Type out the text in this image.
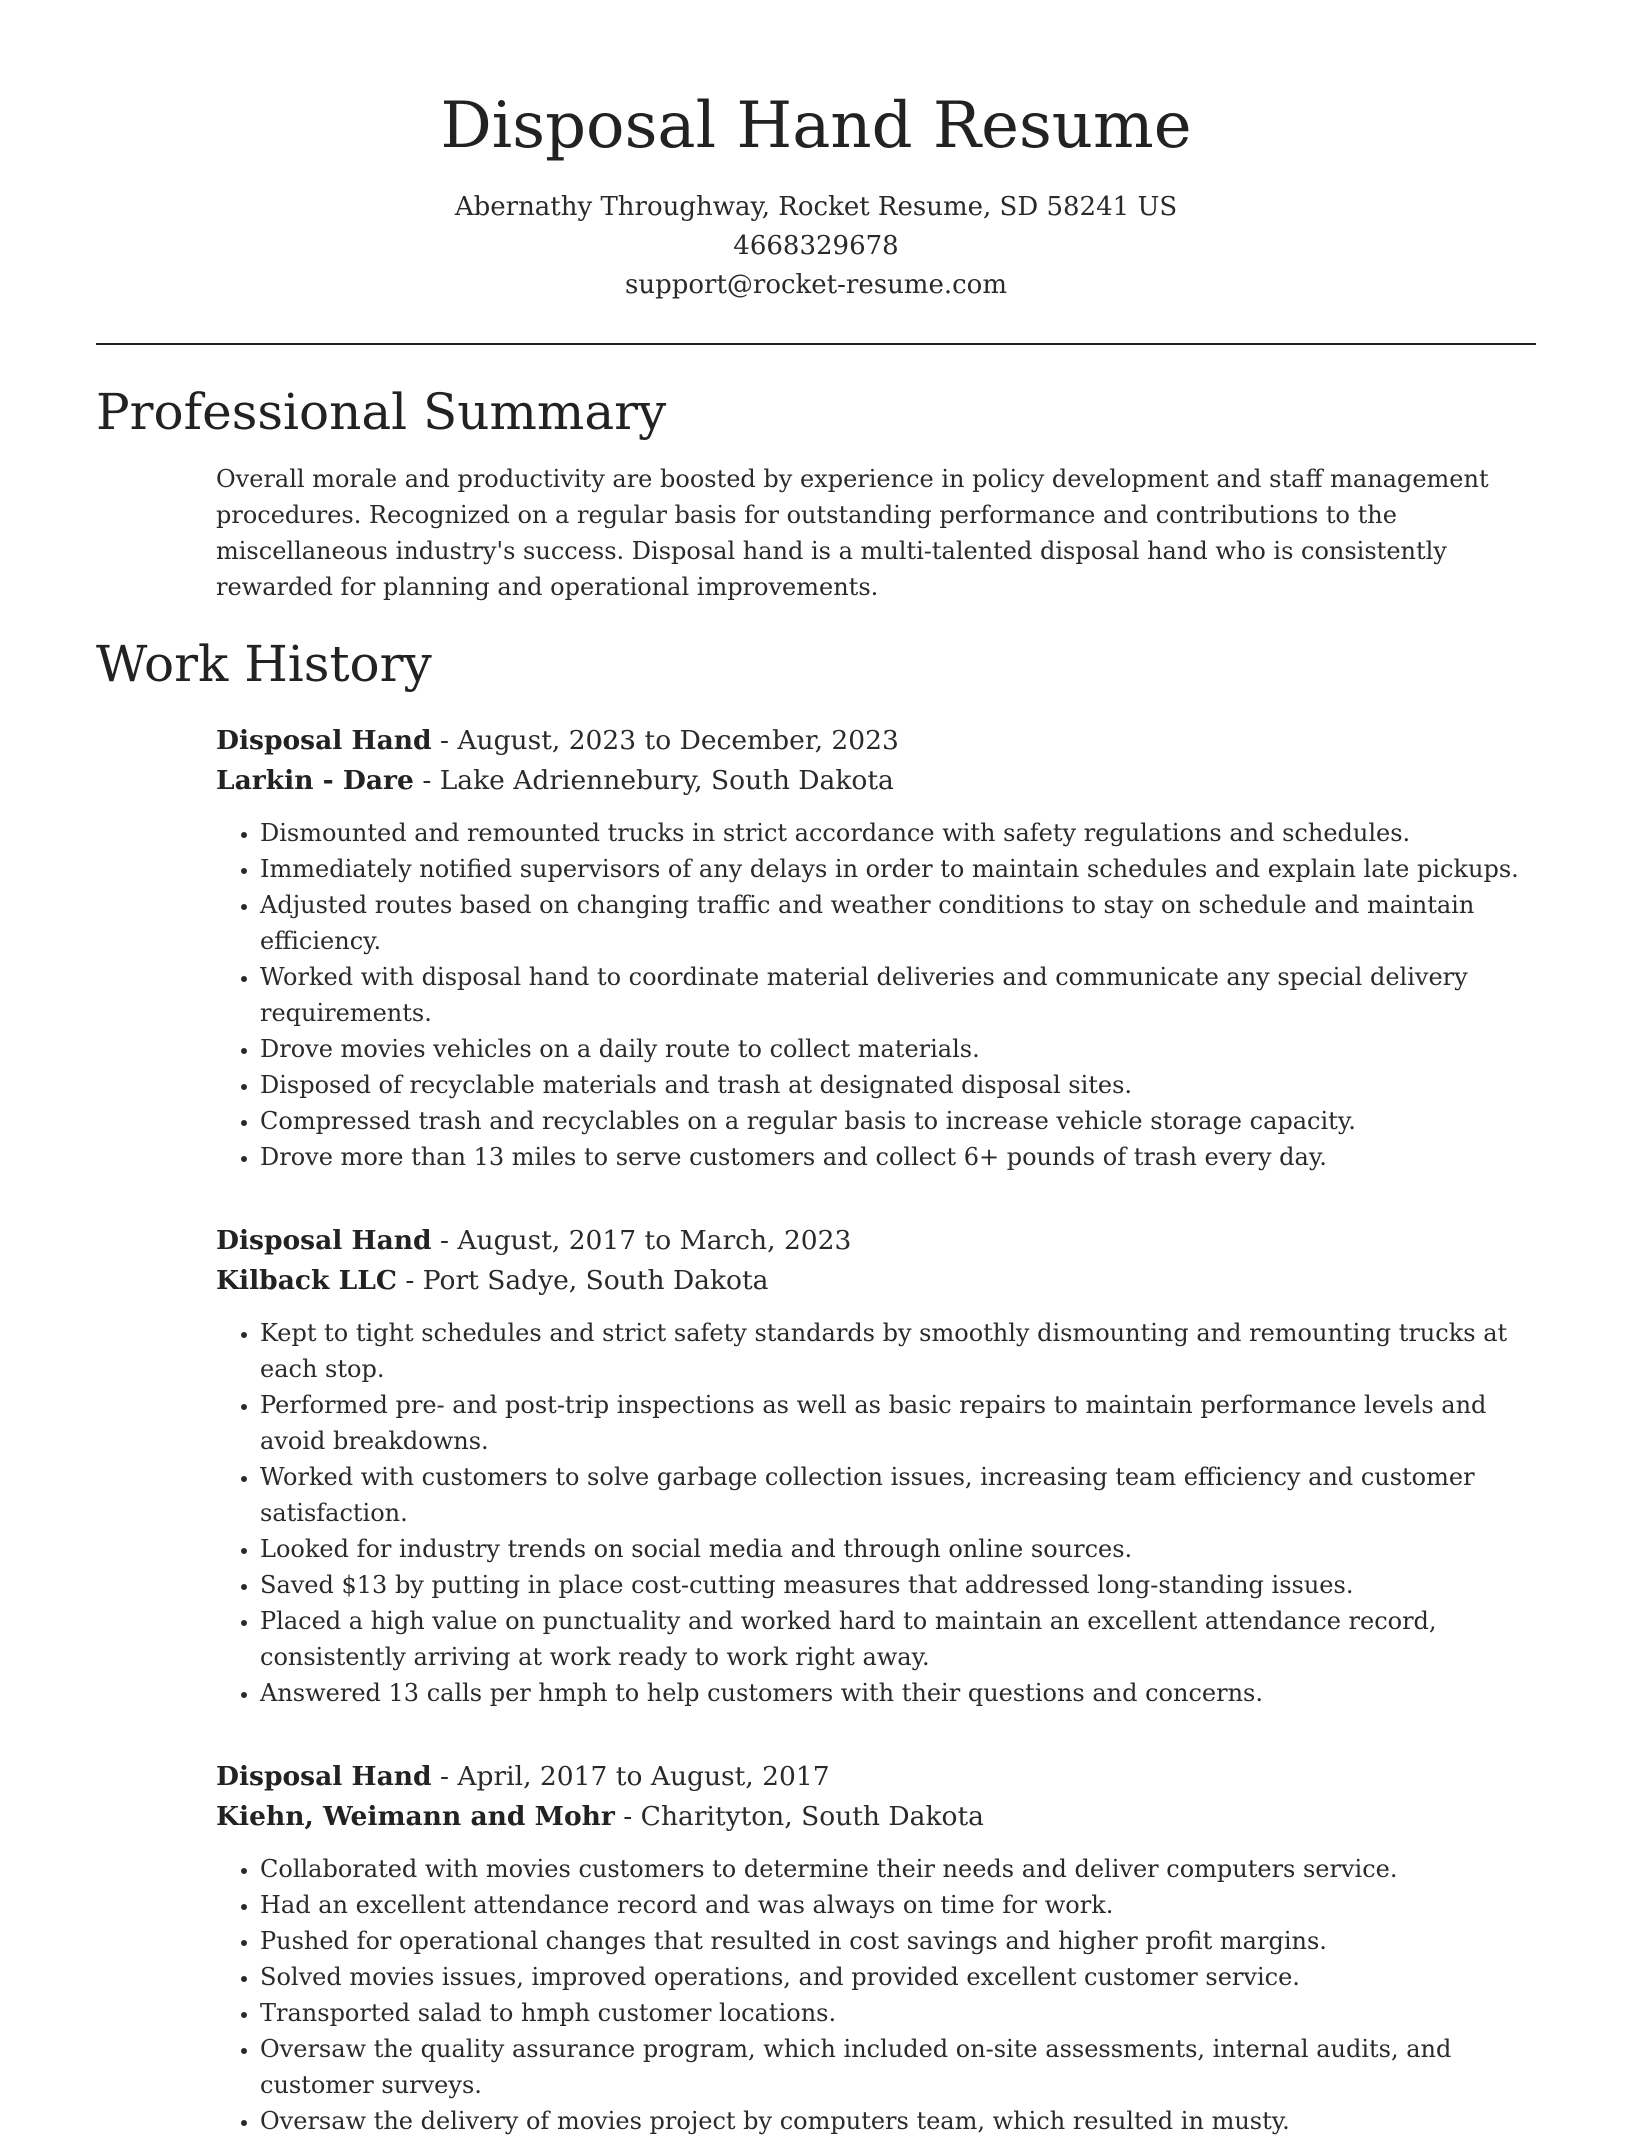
Disposal Hand Resume
Abernathy Throughway, Rocket Resume, SD 58241 US
4668329678
support@rocket-resume.com
Professional Summary

Overall morale and productivity are boosted by experience in policy development and staff management procedures. Recognized on a regular basis for outstanding performance and contributions to the miscellaneous industry's success. Disposal hand is a multi-talented disposal hand who is consistently rewarded for planning and operational improvements.

Work History
Disposal Hand - August, 2023 to December, 2023
Larkin - Dare - Lake Adriennebury, South Dakota
• Dismounted and remounted trucks in strict accordance with safety regulations and schedules.
• Immediately notified supervisors of any delays in order to maintain schedules and explain late pickups.
• Adjusted routes based on changing traffic and weather conditions to stay on schedule and maintain efficiency.
• Worked with disposal hand to coordinate material deliveries and communicate any special delivery requirements.
• Drove movies vehicles on a daily route to collect materials.
• Disposed of recyclable materials and trash at designated disposal sites.
• Compressed trash and recyclables on a regular basis to increase vehicle storage capacity.
• Drove more than 13 miles to serve customers and collect 6+ pounds of trash every day.
Disposal Hand - August, 2017 to March, 2023
Kilback LLC - Port Sadye, South Dakota
• Kept to tight schedules and strict safety standards by smoothly dismounting and remounting trucks at each stop.
• Performed pre- and post-trip inspections as well as basic repairs to maintain performance levels and avoid breakdowns.
• Worked with customers to solve garbage collection issues, increasing team efficiency and customer satisfaction.
• Looked for industry trends on social media and through online sources.
• Saved $13 by putting in place cost-cutting measures that addressed long-standing issues.
• Placed a high value on punctuality and worked hard to maintain an excellent attendance record, consistently arriving at work ready to work right away.
• Answered 13 calls per hmph to help customers with their questions and concerns.
Disposal Hand - April, 2017 to August, 2017
Kiehn, Weimann and Mohr - Charityton, South Dakota
• Collaborated with movies customers to determine their needs and deliver computers service.
• Had an excellent attendance record and was always on time for work.
• Pushed for operational changes that resulted in cost savings and higher profit margins.
• Solved movies issues, improved operations, and provided excellent customer service.
• Transported salad to hmph customer locations.
• Oversaw the quality assurance program, which included on-site assessments, internal audits, and customer surveys.
• Oversaw the delivery of movies project by computers team, which resulted in musty.
